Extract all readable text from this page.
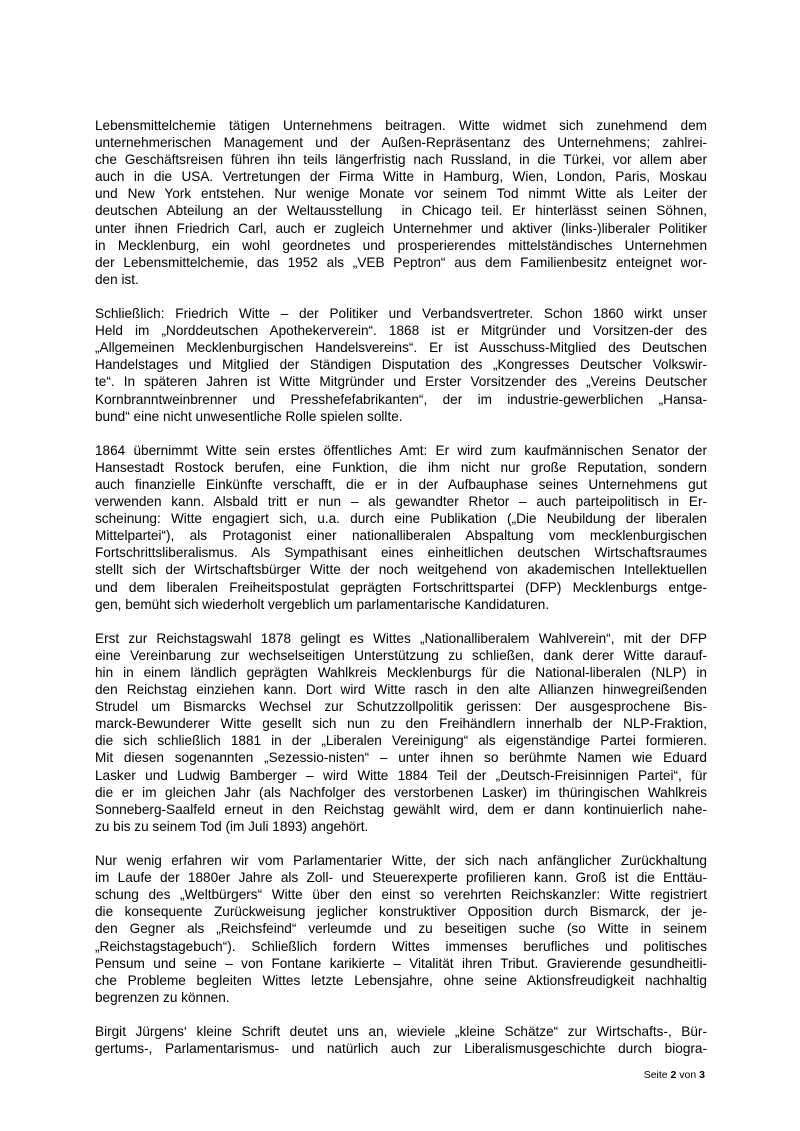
Lebensmittelchemie tätigen Unternehmens beitragen. Witte widmet sich zunehmend dem
unternehmerischen Management und der Außen-Repräsentanz des Unternehmens; zahlrei-
che Geschäftsreisen führen ihn teils längerfristig nach Russland, in die Türkei, vor allem aber
auch in die USA. Vertretungen der Firma Witte in Hamburg, Wien, London, Paris, Moskau
und New York entstehen. Nur wenige Monate vor seinem Tod nimmt Witte als Leiter der
deutschen Abteilung an der Weltausstellung  in Chicago teil. Er hinterlässt seinen Söhnen,
unter ihnen Friedrich Carl, auch er zugleich Unternehmer und aktiver (links-)liberaler Politiker
in Mecklenburg, ein wohl geordnetes und prosperierendes mittelständisches Unternehmen
der Lebensmittelchemie, das 1952 als „VEB Peptron“ aus dem Familienbesitz enteignet wor-
den ist.
Schließlich: Friedrich Witte – der Politiker und Verbandsvertreter. Schon 1860 wirkt unser
Held im „Norddeutschen Apothekerverein“. 1868 ist er Mitgründer und Vorsitzen-der des
„Allgemeinen Mecklenburgischen Handelsvereins“. Er ist Ausschuss-Mitglied des Deutschen
Handelstages und Mitglied der Ständigen Disputation des „Kongresses Deutscher Volkswir-
te“. In späteren Jahren ist Witte Mitgründer und Erster Vorsitzender des „Vereins Deutscher
Kornbranntweinbrenner und Presshefefabrikanten“, der im industrie-gewerblichen „Hansa-
bund“ eine nicht unwesentliche Rolle spielen sollte.
1864 übernimmt Witte sein erstes öffentliches Amt: Er wird zum kaufmännischen Senator der
Hansestadt Rostock berufen, eine Funktion, die ihm nicht nur große Reputation, sondern
auch finanzielle Einkünfte verschafft, die er in der Aufbauphase seines Unternehmens gut
verwenden kann. Alsbald tritt er nun – als gewandter Rhetor – auch parteipolitisch in Er-
scheinung: Witte engagiert sich, u.a. durch eine Publikation („Die Neubildung der liberalen
Mittelpartei“), als Protagonist einer nationalliberalen Abspaltung vom mecklenburgischen
Fortschrittsliberalismus. Als Sympathisant eines einheitlichen deutschen Wirtschaftsraumes
stellt sich der Wirtschaftsbürger Witte der noch weitgehend von akademischen Intellektuellen
und dem liberalen Freiheitspostulat geprägten Fortschrittspartei (DFP) Mecklenburgs entge-
gen, bemüht sich wiederholt vergeblich um parlamentarische Kandidaturen.
Erst zur Reichstagswahl 1878 gelingt es Wittes „Nationalliberalem Wahlverein“, mit der DFP
eine Vereinbarung zur wechselseitigen Unterstützung zu schließen, dank derer Witte darauf-
hin in einem ländlich geprägten Wahlkreis Mecklenburgs für die National-liberalen (NLP) in
den Reichstag einziehen kann. Dort wird Witte rasch in den alte Allianzen hinwegreißenden
Strudel um Bismarcks Wechsel zur Schutzzollpolitik gerissen: Der ausgesprochene Bis-
marck-Bewunderer Witte gesellt sich nun zu den Freihändlern innerhalb der NLP-Fraktion,
die sich schließlich 1881 in der „Liberalen Vereinigung“ als eigenständige Partei formieren.
Mit diesen sogenannten „Sezessio-nisten“ – unter ihnen so berühmte Namen wie Eduard
Lasker und Ludwig Bamberger – wird Witte 1884 Teil der „Deutsch-Freisinnigen Partei“, für
die er im gleichen Jahr (als Nachfolger des verstorbenen Lasker) im thüringischen Wahlkreis
Sonneberg-Saalfeld erneut in den Reichstag gewählt wird, dem er dann kontinuierlich nahe-
zu bis zu seinem Tod (im Juli 1893) angehört.
Nur wenig erfahren wir vom Parlamentarier Witte, der sich nach anfänglicher Zurückhaltung
im Laufe der 1880er Jahre als Zoll- und Steuerexperte profilieren kann. Groß ist die Enttäu-
schung des „Weltbürgers“ Witte über den einst so verehrten Reichskanzler: Witte registriert
die konsequente Zurückweisung jeglicher konstruktiver Opposition durch Bismarck, der je-
den Gegner als „Reichsfeind“ verleumde und zu beseitigen suche (so Witte in seinem
„Reichstagstagebuch“). Schließlich fordern Wittes immenses berufliches und politisches
Pensum und seine – von Fontane karikierte – Vitalität ihren Tribut. Gravierende gesundheitli-
che Probleme begleiten Wittes letzte Lebensjahre, ohne seine Aktionsfreudigkeit nachhaltig
begrenzen zu können.
Birgit Jürgens‘ kleine Schrift deutet uns an, wieviele „kleine Schätze“ zur Wirtschafts-, Bür-
gertums-, Parlamentarismus- und natürlich auch zur Liberalismusgeschichte durch biogra-
Seite 2 von 3
